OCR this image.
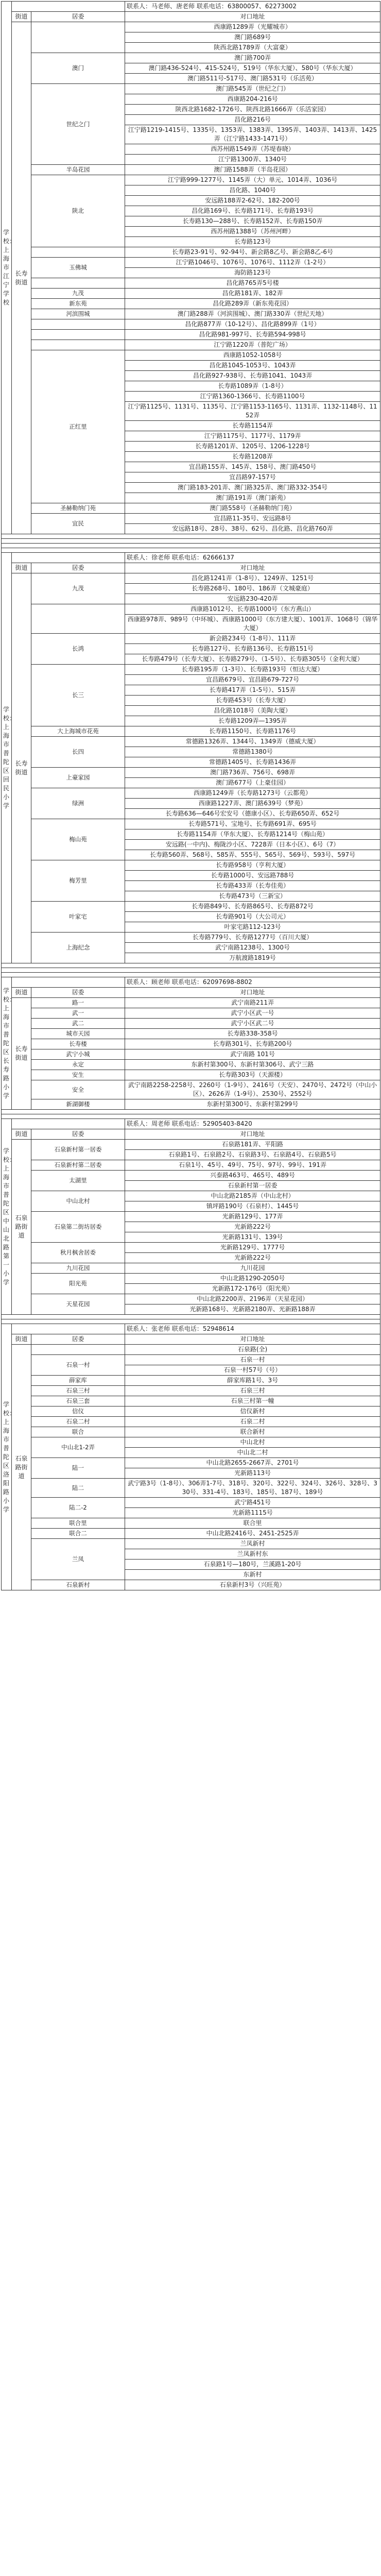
学校：上海市江宁学校			联系人：马老师、唐老师 联系电话：63800057、62273002
	街道	居委	对口地址
	长寿街道		西康路1289弄（光耀城市）
			澳门路689号
			陕西北路1789弄（大富豪）
		澳门	澳门路700弄
			澳门路436-524号、415-524号，519号（华东大厦）、580号（华东大厦）
			澳门路511号-517号、澳门路531号（乐活苑）
		世纪之门	澳门路545弄（世纪之门）
			西康路204-216号
			陕西北路1682-1726号、陕西北路1666弄（乐活家园）
			昌化路216号
			江宁路1219-1415号、1335号、1353弄、1383弄、1395弄、1403弄、1413弄、1425弄（江宁路1433-1471号）
			西苏州路1549弄（苏堤春晓）
			江宁路1300弄、1340号
		半岛花园	澳门路1588弄（半岛花园）
		陕北	江宁路999-1277号、1145弄（大）单元、1014弄、1036号
			昌化路、1040号
			安远路188弄2-62号、182-200号
			昌化路169号、长寿路171号、长寿路193号
			长寿路130—288号、长寿路152弄、长寿路150弄
			西苏州路1388号（苏州河畔）
			长寿路123号
			长寿路23-91号、92-94号、新会路8乙号、新会路8乙-6号
		玉佛城	江宁路1046号、1076号、1076号、1112弄（1-2号）
			海防路123号
			昌化路765弄5号楼
		九茂	昌化路181弄、182弄
		新东苑	昌化路289弄（新东苑花园）
		河滨围城	澳门路288弄（河滨围城）、澳门路330弄（世纪天地）
			昌化路877弄（10-12号）、昌化路899弄（1号）
			昌化路981-997号、长寿路594-998号
			江宁路1220弄（普陀广场）
		正红里	西康路1052-1058号
			昌化路1045-1053号、1043弄
			昌化路927-938号、长寿路1041、1043弄
			长寿路1089弄（1-8号）
			江宁路1360-1366号、长寿路1100号
			江宁路1125号、1131号、1135号、江宁路1153-1165号、1131弄、1132-1148号、1152弄
			长寿路1154弄
			江宁路1175号、1177号、1179弄
			长寿路1201弄、1205号、1206-1228号
			长寿路1208弄
			宜昌路155弄、145弄、158号、澳门路450号
			宜昌路97-157号
			澳门路183-201弄、澳门路325弄、澳门路332-354号
			澳门路191弄（澳门新苑）
		圣赫勒纳门苑	澳门路558号（圣赫勒纳门苑）
		宜民	宜昌路11-35号、安远路8号
			安远路18号、28号、38号、62号、昌化路、昌化路760弄

学校：上海市普陀区回民小学			联系人：徐老师 联系电话：62666137
	街道	居委	对口地址
	长寿街道	九茂	昌化路1241弄（1-8号）、1249弄、1251号
			长寿路268号、180号、186弄（文城豪庭）
			安远路230-420弄
			西康路1012号、长寿路1000号（东方燕山）
			西康路978弄、989号（中环城）、西康路1000号（东方建大厦）、1001弄、1068号（锦华大厦）
		长鸿	新会路234号（1-8号）、111弄
			长寿路127号、长寿路136号、长寿路151号
			长寿路479号（长寿大厦）、长寿路279号、（1-5号）、长寿路305号（金利大厦）
		长三	长寿路195弄（1-3号）、长寿路193号（恒达大厦）
			宜昌路679号、宜昌路679-727号
			长寿路417弄（1-5号）、515弄
			长寿路453号（长寿大厦）
			昌化路1018号（美陶大厦）
			长寿路1209弄—1395弄
		大上海城市花苑	长寿路1150号、长寿路1176号
		长四	常德路1326弄、1344号、1349弄（德威大厦）
			常德路1380号
			常德路1405号、长寿路1436弄
		上豪家园	澳门路736弄、756号、698弄
			澳门路677号（上豪佳园）
		绿洲	西康路1249弄（长寿路1273号（云都苑）
			西康路1227弄、澳门路639号（梦苑）
			长寿路636—646号宏安号（德康小区）、长寿路650弄、652号
		梅山苑	长寿路571号、宝地号、长寿路691弄、695号
			长寿路1154弄（华东大厦）、长寿路1214号（梅山苑）
			安远路(一中内)、梅陇沙小区、7228弄（日本小区）、6号（7）
			长寿路560弄、568号、585弄、555号、565号、569号、593号、597号
		梅芳里	长寿路958号（亨利大厦）
			长寿路1000号、安远路788号
			长寿路433弄（长寿佳苑）
			长寿路473号（三新宝）
		叶家宅	长寿路849号、长寿路865号、长寿路872号
			长寿路901号（大公司元）
			叶家宅路112-123号
		上海纪念	长寿路779号、长寿路1277号（百川大厦）
			武宁南路1238号、1300号
			万航渡路1819号

学校：上海市普陀区长寿路小学			联系人：顾老师 联系电话：62097698-8802
	街道	居委	对口地址
	长寿街道	路一	武宁南路211弄
		武一	武宁小区武一号
		武二	武宁小区武二号
		城市天园	长寿路338-358号
		长寿楼	长寿路301号、长寿路200号
		武宁小城	武宁南路 101号
		永定	东新村第300号、东新村第306号、武宁三路
		安生	长寿路303号（天源楼）
		安全	武宁南路2258-2258号、2260号（1-9号）、2416号（天安）、2470号、2472号（中山小区）、2626弄（1-9号）、2530号、2552号
		新湖御楼	东新村第300号、东新村第299号

学校：上海市普陀区中山北路第一小学			联系人：周老师 联系电话：52905403-8420
	街道	居委	对口地址
	石泉路街道	石泉新村第一居委	石泉路181弄、平阳路
			石泉路1号、石泉路2号、石泉路3号、石泉路4号、石泉路5号
		石泉新村第二居委	石泉1号、45号、49号、75号、97号、99号、191弄
		太湖里	兴泰路463号、465号、489号
			石泉新村第一居委
		中山北村	中山北路2185弄（中山北村）
			镇坪路190号（石泉村）、1445号
		石泉第二街坊居委	光新路129号、177弄
			光新路222号
			光新路131号、139号
		秋月枫舍居委	光新路129号、1777号
			光新路222号
		九川花园	九川花园
		阳光苑	中山北路1290-2050号
			光新路172-176号（阳光苑）
		天星花园	中山北路2200弄、2196弄（天星花园）
			光新路168号、光新路2180弄、光新路188弄

学校：上海市普陀区洛阳路小学			联系人：张老师 联系电话：52948614
	街道	居委	对口地址
	石泉路街道		石泉路(全)
		石泉一村	石泉一村
			石泉一村57号（号）
		薛家库	薛家库路1号、3号
		石泉三村	石泉三村
		石泉三套	石泉三村第一幢
		信仪	信仪新村
		石泉二村	石泉二村
		联合	联合新村
		中山北1-2弄	中山北村
			中山北二村
		陆一	中山北路2655-2667弄、2701号
			光新路113号
		陆二	武宁路3号（1-8号）、306弄1-7号、318号、320号、322号、324号、326号、328号、330号、331-4号、183号、185号、187号、189号
		陆二-2	武宁路451号
			光新路1115号
		联合里	联合里
		联合二	中山北路2416号、2451-2525弄
		兰凤	兰凤新村
			兰凤新村东
			石泉路1号—180号，兰溪路1-20号
			东新村
		石泉新村	石泉新村3号（兴旺苑）
